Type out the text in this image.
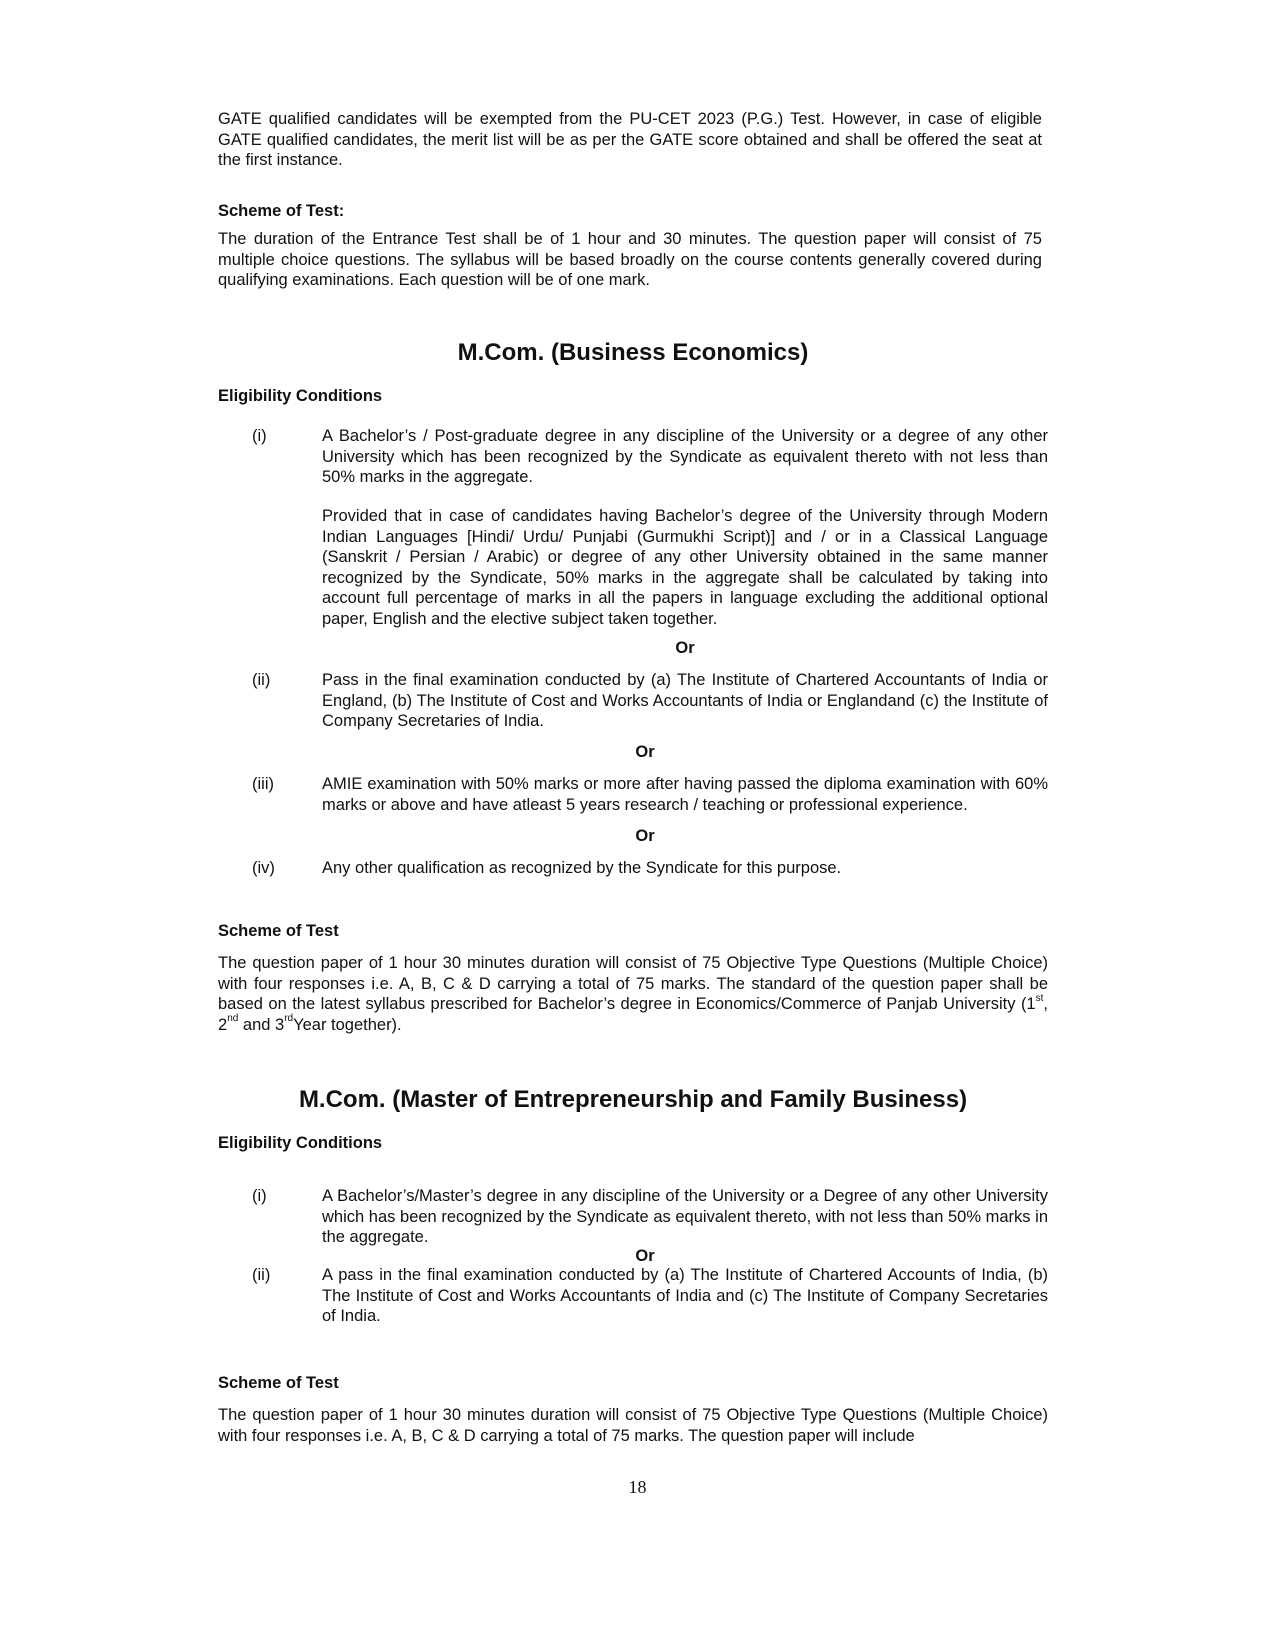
GATE qualified candidates will be exempted from the PU-CET 2023 (P.G.) Test. However, in case of eligible GATE qualified candidates, the merit list will be as per the GATE score obtained and shall be offered the seat at the first instance.
Scheme of Test:
The duration of the Entrance Test shall be of 1 hour and 30 minutes. The question paper will consist of 75 multiple choice questions. The syllabus will be based broadly on the course contents generally covered during qualifying examinations. Each question will be of one mark.
M.Com. (Business Economics)
Eligibility Conditions
(i)	A Bachelor’s / Post-graduate degree in any discipline of the University or a degree of any other University which has been recognized by the Syndicate as equivalent thereto with not less than 50% marks in the aggregate.
Provided that in case of candidates having Bachelor’s degree of the University through Modern Indian Languages [Hindi/ Urdu/ Punjabi (Gurmukhi Script)] and / or in a Classical Language (Sanskrit / Persian / Arabic) or degree of any other University obtained in the same manner recognized by the Syndicate, 50% marks in the aggregate shall be calculated by taking into account full percentage of marks in all the papers in language excluding the additional optional paper, English and the elective subject taken together.
Or
(ii)	Pass in the final examination conducted by (a) The Institute of Chartered Accountants of India or England, (b) The Institute of Cost and Works Accountants of India or Englandand (c) the Institute of Company Secretaries of India.
Or
(iii)	AMIE examination with 50% marks or more after having passed the diploma examination with 60% marks or above and have atleast 5 years research / teaching or professional experience.
Or
(iv)	Any other qualification as recognized by the Syndicate for this purpose.
Scheme of Test
The question paper of 1 hour 30 minutes duration will consist of 75 Objective Type Questions (Multiple Choice) with four responses i.e. A, B, C & D carrying a total of 75 marks. The standard of the question paper shall be based on the latest syllabus prescribed for Bachelor’s degree in Economics/Commerce of Panjab University (1st, 2nd and 3rdYear together).
M.Com. (Master of Entrepreneurship and Family Business)
Eligibility Conditions
(i)	A Bachelor’s/Master’s degree in any discipline of the University or a Degree of any other University which has been recognized by the Syndicate as equivalent thereto, with not less than 50% marks in the aggregate.
Or
(ii)	A pass in the final examination conducted by (a) The Institute of Chartered Accounts of India, (b) The Institute of Cost and Works Accountants of India and (c) The Institute of Company Secretaries of India.
Scheme of Test
The question paper of 1 hour 30 minutes duration will consist of 75 Objective Type Questions (Multiple Choice) with four responses i.e. A, B, C & D carrying a total of 75 marks. The question paper will include
18
